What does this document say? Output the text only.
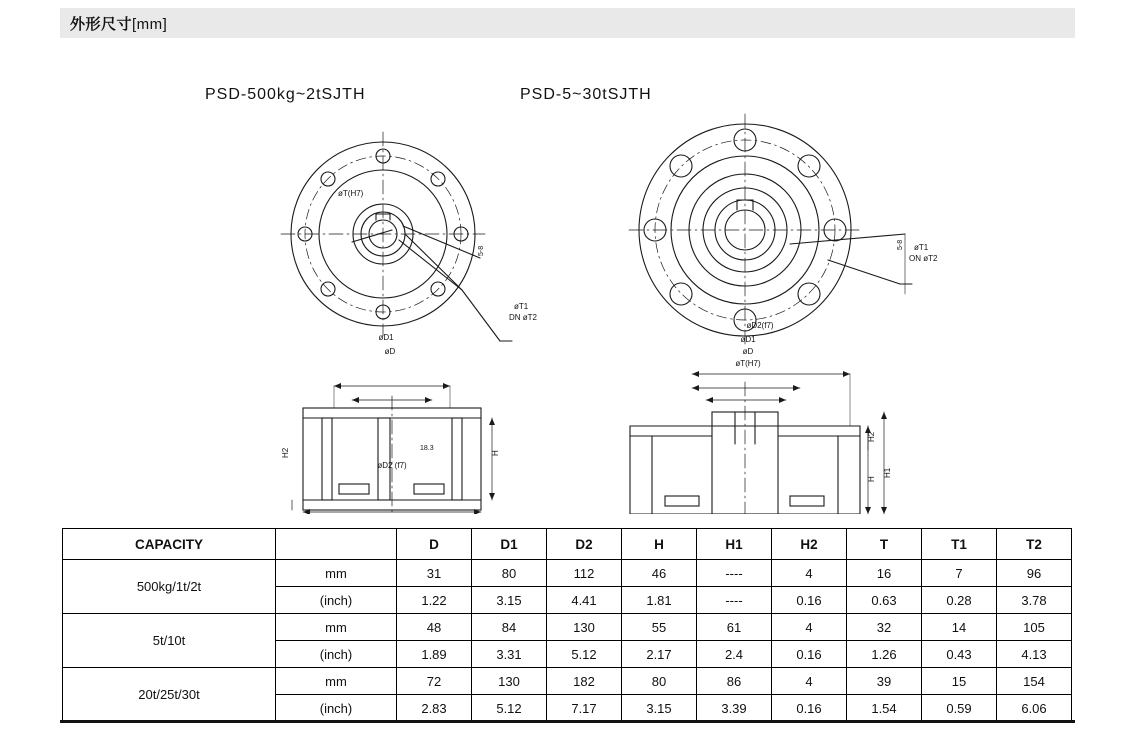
外形尺寸[mm]
PSD-500kg~2tSJTH	PSD-5~30tSJTH
øT(H7)
øT1
DN øT2
5-8
øD1
øD
øD2 (f7)
H
H2	18.3
øT1
ON øT2
5-8
øD2(f7)
øD1
øD
øT(H7)
H1
H
H2
CAPACITY		D	D1	D2	H	H1	H2	T	T1	T2
500kg/1t/2t	mm	31	80	112	46	----	4	16	7	96
	(inch)	1.22	3.15	4.41	1.81	----	0.16	0.63	0.28	3.78
5t/10t	mm	48	84	130	55	61	4	32	14	105
	(inch)	1.89	3.31	5.12	2.17	2.4	0.16	1.26	0.43	4.13
20t/25t/30t	mm	72	130	182	80	86	4	39	15	154
	(inch)	2.83	5.12	7.17	3.15	3.39	0.16	1.54	0.59	6.06
